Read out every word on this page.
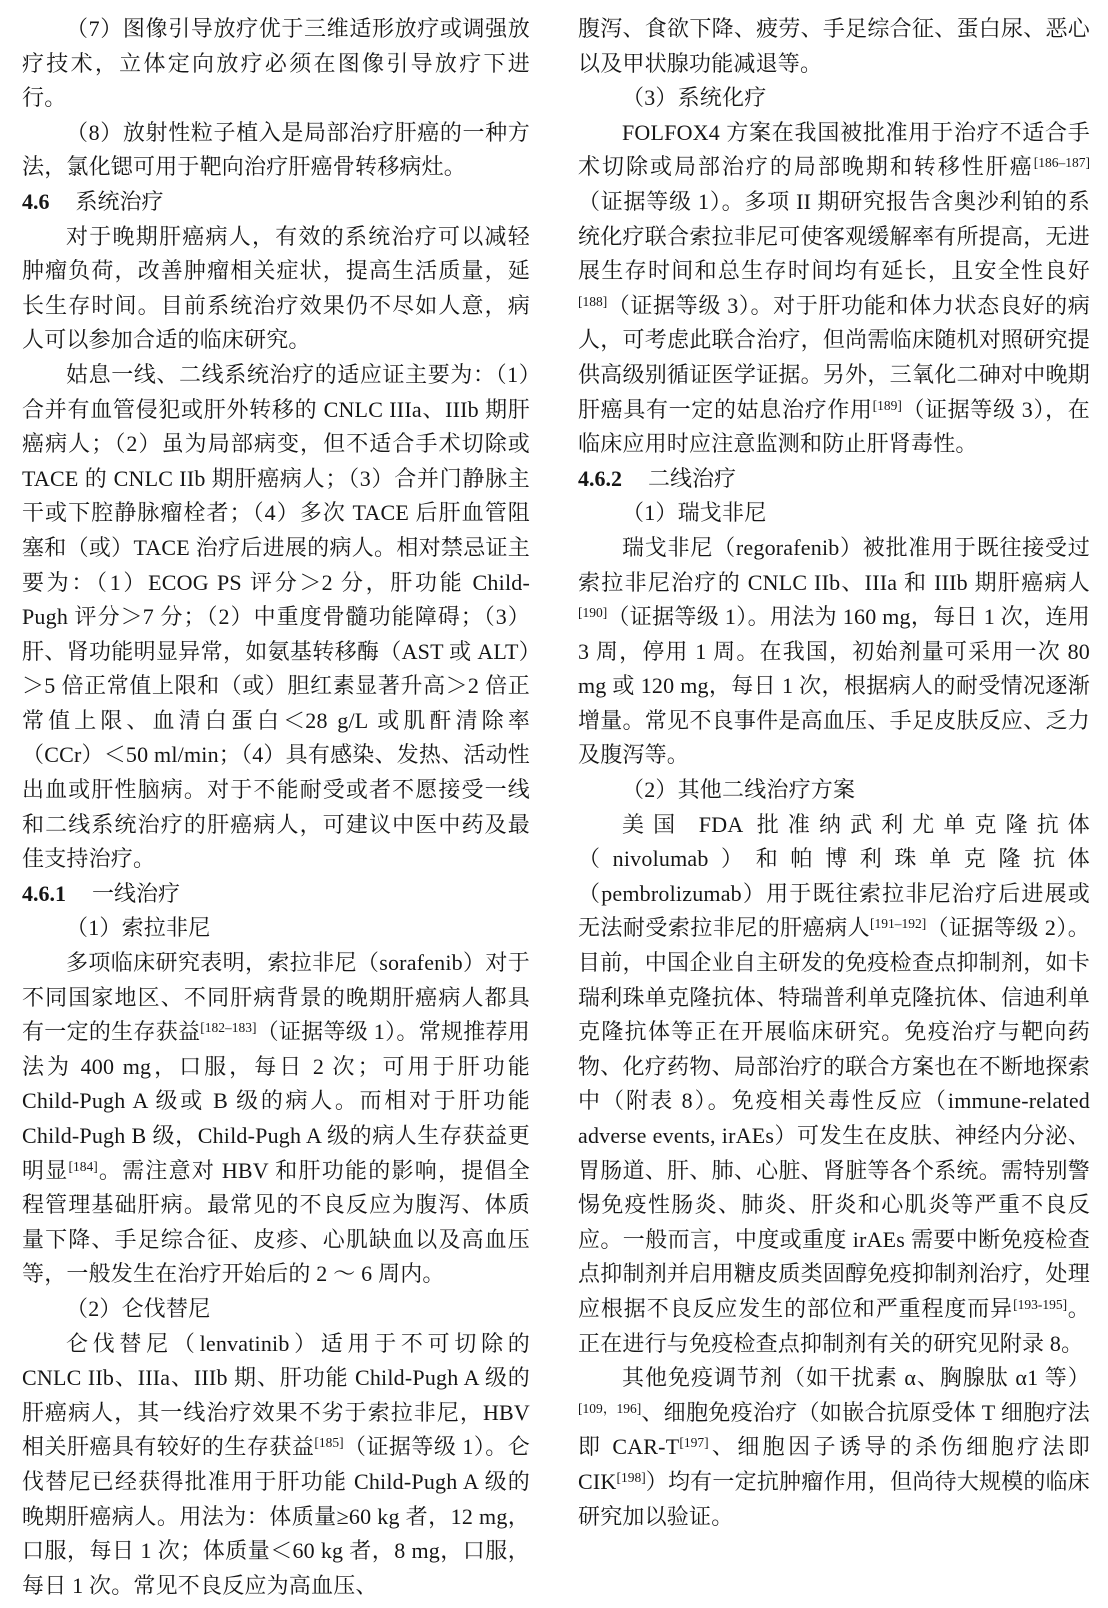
（7）图像引导放疗优于三维适形放疗或调强放疗技术，立体定向放疗必须在图像引导放疗下进行。

（8）放射性粒子植入是局部治疗肝癌的一种方法，氯化锶可用于靶向治疗肝癌骨转移病灶。

4.6 系统治疗

对于晚期肝癌病人，有效的系统治疗可以减轻肿瘤负荷，改善肿瘤相关症状，提高生活质量，延长生存时间。目前系统治疗效果仍不尽如人意，病人可以参加合适的临床研究。

姑息一线、二线系统治疗的适应证主要为：（1）合并有血管侵犯或肝外转移的 CNLC IIIa、IIIb 期肝癌病人；（2）虽为局部病变，但不适合手术切除或 TACE 的 CNLC IIb 期肝癌病人；（3）合并门静脉主干或下腔静脉瘤栓者；（4）多次 TACE 后肝血管阻塞和（或）TACE 治疗后进展的病人。相对禁忌证主要为：（1）ECOG PS 评分＞2 分，肝功能 Child-Pugh 评分＞7 分；（2）中重度骨髓功能障碍；（3）肝、肾功能明显异常，如氨基转移酶（AST 或 ALT）＞5 倍正常值上限和（或）胆红素显著升高＞2 倍正常值上限、血清白蛋白＜28 g/L 或肌酐清除率（CCr）＜50 ml/min；（4）具有感染、发热、活动性出血或肝性脑病。对于不能耐受或者不愿接受一线和二线系统治疗的肝癌病人，可建议中医中药及最佳支持治疗。

4.6.1 一线治疗

（1）索拉非尼

多项临床研究表明，索拉非尼（sorafenib）对于不同国家地区、不同肝病背景的晚期肝癌病人都具有一定的生存获益[182–183]（证据等级 1）。常规推荐用法为 400 mg，口服，每日 2 次；可用于肝功能 Child-Pugh A 级或 B 级的病人。而相对于肝功能 Child-Pugh B 级，Child-Pugh A 级的病人生存获益更明显[184]。需注意对 HBV 和肝功能的影响，提倡全程管理基础肝病。最常见的不良反应为腹泻、体质量下降、手足综合征、皮疹、心肌缺血以及高血压等，一般发生在治疗开始后的 2 ～ 6 周内。

（2）仑伐替尼

仑伐替尼（lenvatinib）适用于不可切除的 CNLC IIb、IIIa、IIIb 期、肝功能 Child-Pugh A 级的肝癌病人，其一线治疗效果不劣于索拉非尼，HBV 相关肝癌具有较好的生存获益[185]（证据等级 1）。仑伐替尼已经获得批准用于肝功能 Child-Pugh A 级的晚期肝癌病人。用法为：体质量≥60 kg 者，12 mg，口服，每日 1 次；体质量＜60 kg 者，8 mg，口服，每日 1 次。常见不良反应为高血压、

腹泻、食欲下降、疲劳、手足综合征、蛋白尿、恶心以及甲状腺功能减退等。

（3）系统化疗

FOLFOX4 方案在我国被批准用于治疗不适合手术切除或局部治疗的局部晚期和转移性肝癌[186–187]（证据等级 1）。多项 II 期研究报告含奥沙利铂的系统化疗联合索拉非尼可使客观缓解率有所提高，无进展生存时间和总生存时间均有延长，且安全性良好[188]（证据等级 3）。对于肝功能和体力状态良好的病人，可考虑此联合治疗，但尚需临床随机对照研究提供高级别循证医学证据。另外，三氧化二砷对中晚期肝癌具有一定的姑息治疗作用[189]（证据等级 3），在临床应用时应注意监测和防止肝肾毒性。

4.6.2 二线治疗

（1）瑞戈非尼

瑞戈非尼（regorafenib）被批准用于既往接受过索拉非尼治疗的 CNLC IIb、IIIa 和 IIIb 期肝癌病人[190]（证据等级 1）。用法为 160 mg，每日 1 次，连用 3 周，停用 1 周。在我国，初始剂量可采用一次 80 mg 或 120 mg，每日 1 次，根据病人的耐受情况逐渐增量。常见不良事件是高血压、手足皮肤反应、乏力及腹泻等。

（2）其他二线治疗方案

美国 FDA 批准纳武利尤单克隆抗体（nivolumab）和帕博利珠单克隆抗体（pembrolizumab）用于既往索拉非尼治疗后进展或无法耐受索拉非尼的肝癌病人[191–192]（证据等级 2）。目前，中国企业自主研发的免疫检查点抑制剂，如卡瑞利珠单克隆抗体、特瑞普利单克隆抗体、信迪利单克隆抗体等正在开展临床研究。免疫治疗与靶向药物、化疗药物、局部治疗的联合方案也在不断地探索中（附表 8）。免疫相关毒性反应（immune-related adverse events, irAEs）可发生在皮肤、神经内分泌、胃肠道、肝、肺、心脏、肾脏等各个系统。需特别警惕免疫性肠炎、肺炎、肝炎和心肌炎等严重不良反应。一般而言，中度或重度 irAEs 需要中断免疫检查点抑制剂并启用糖皮质类固醇免疫抑制剂治疗，处理应根据不良反应发生的部位和严重程度而异[193-195]。正在进行与免疫检查点抑制剂有关的研究见附录 8。

其他免疫调节剂（如干扰素 α、胸腺肽 α1 等）[109，196]、细胞免疫治疗（如嵌合抗原受体 T 细胞疗法即 CAR-T[197]、细胞因子诱导的杀伤细胞疗法即 CIK[198]）均有一定抗肿瘤作用，但尚待大规模的临床研究加以验证。
